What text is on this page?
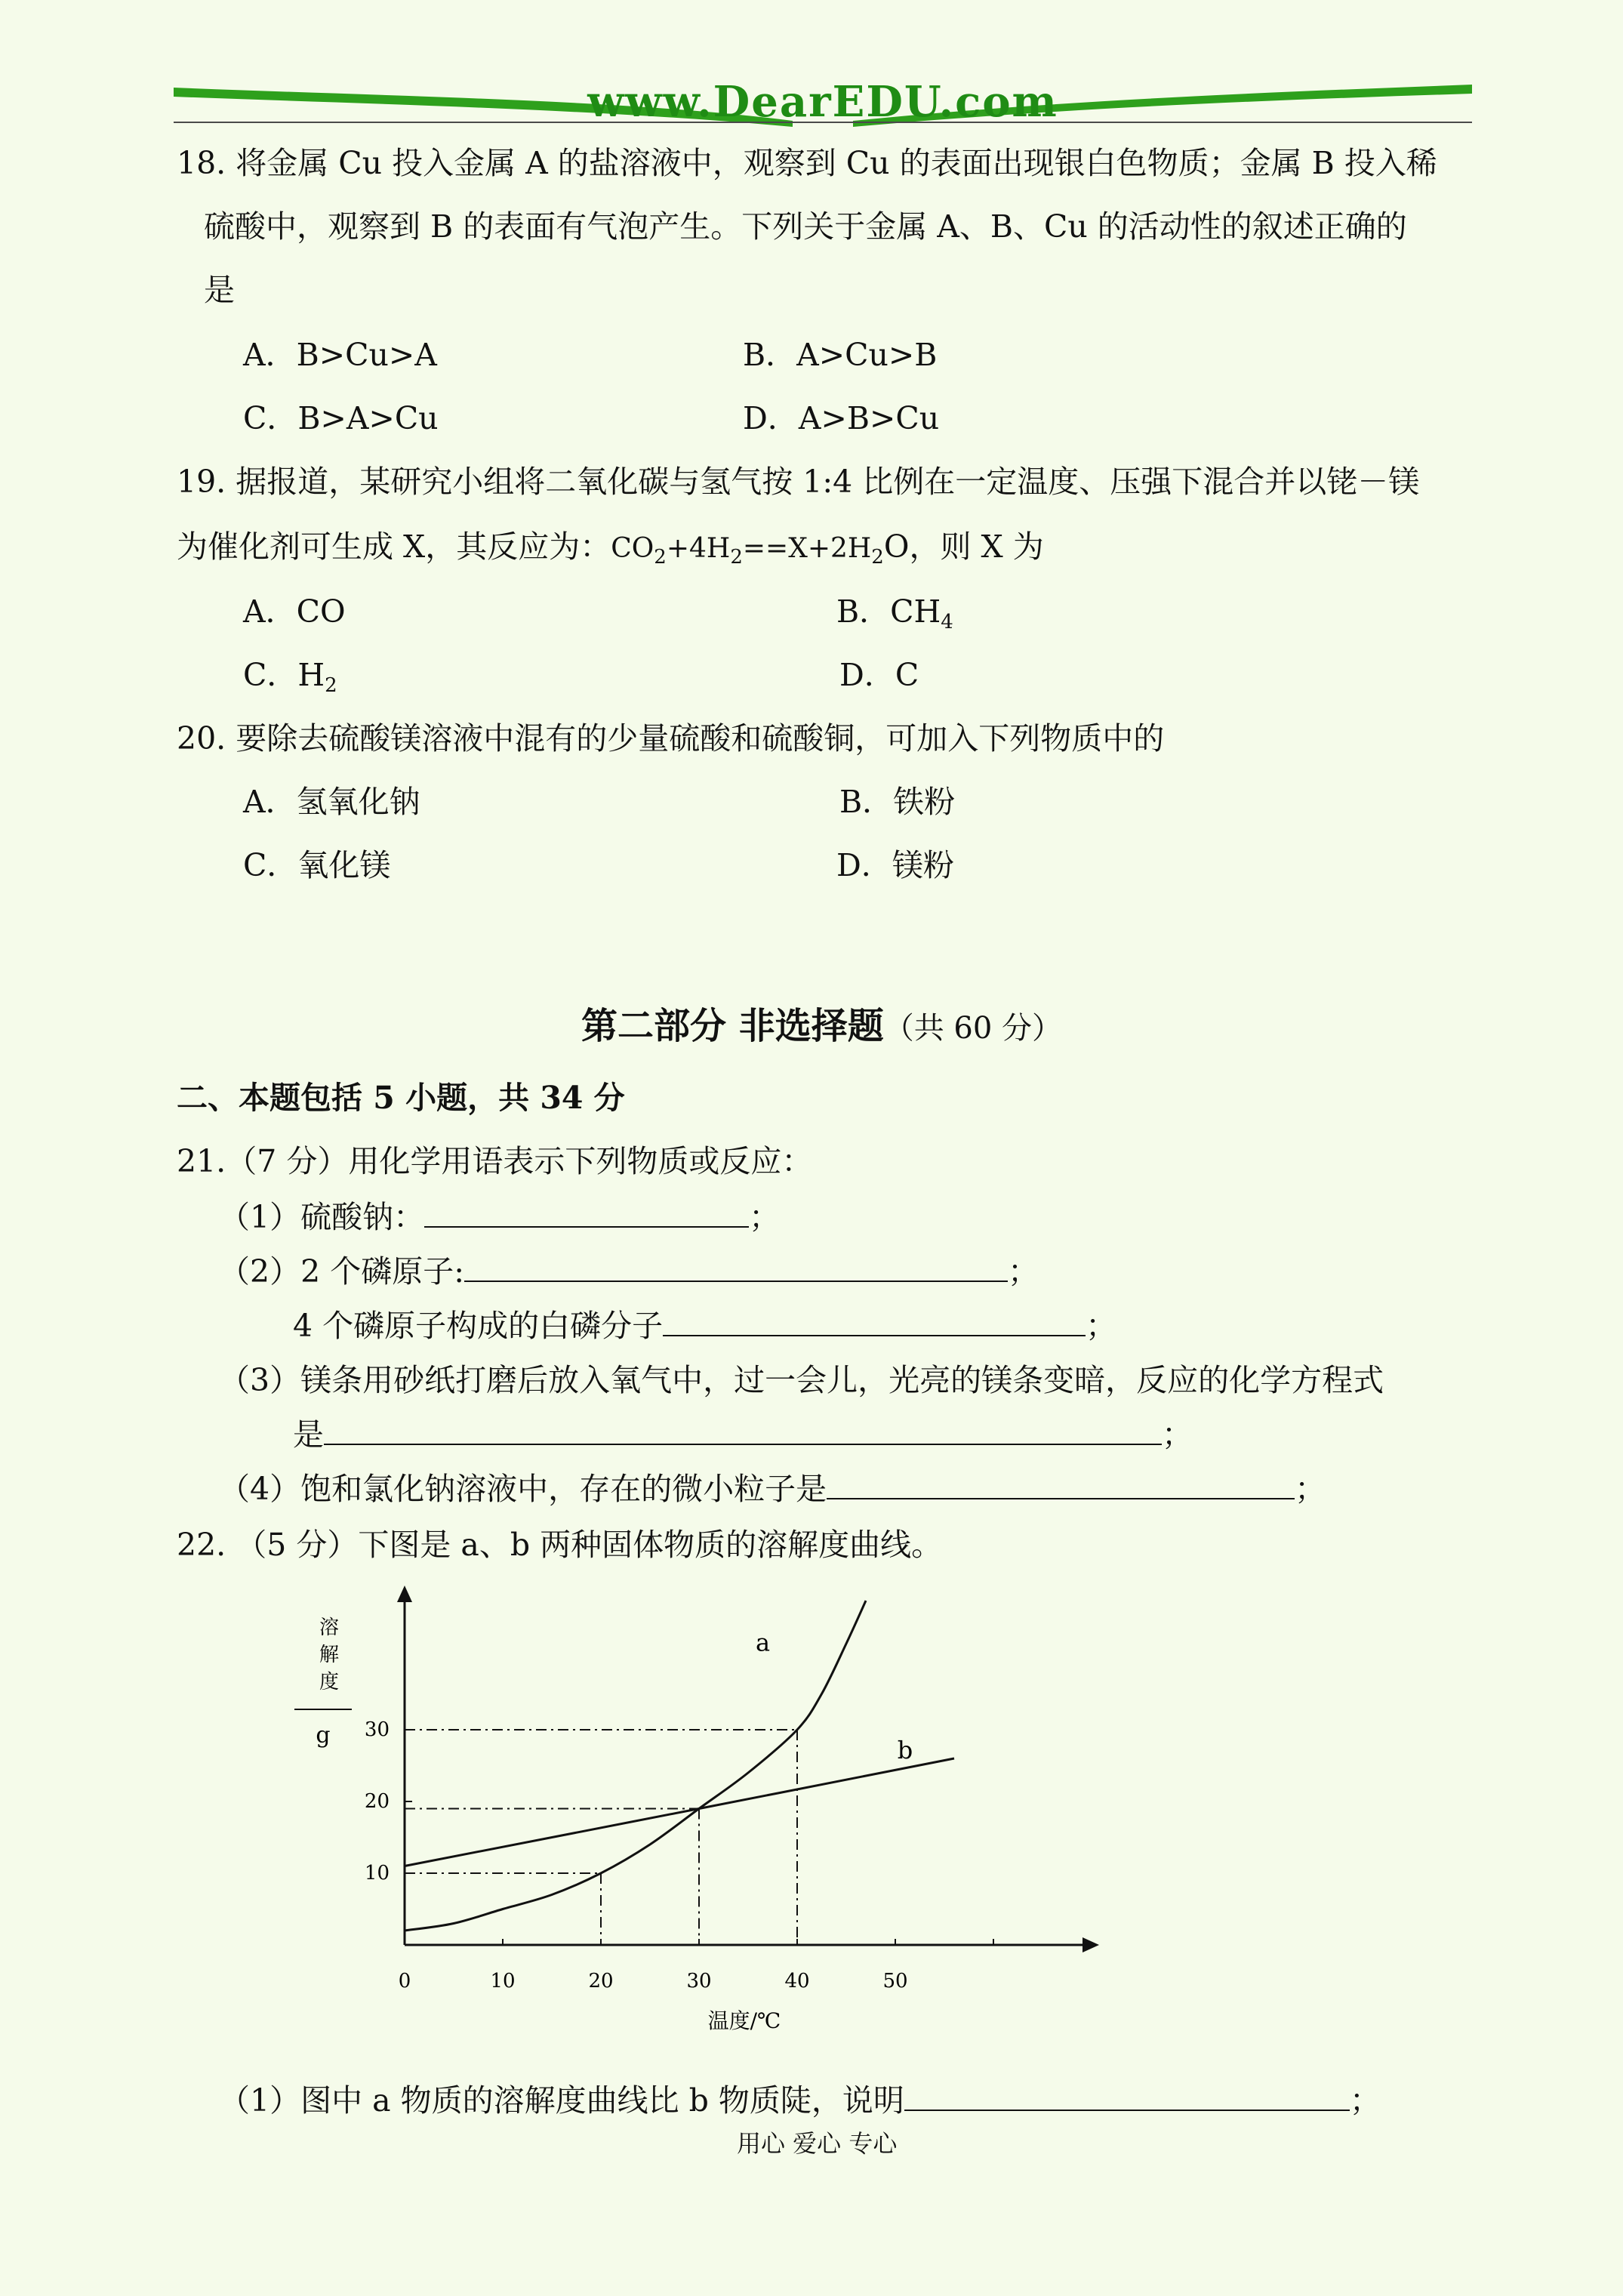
www.DearEDU.com
18. 将金属 Cu 投入金属 A 的盐溶液中，观察到 Cu 的表面出现银白色物质；金属 B 投入稀
硫酸中，观察到 B 的表面有气泡产生。下列关于金属 A、B、Cu 的活动性的叙述正确的
是
A．B>Cu>A	B．A>Cu>B
C．B>A>Cu	D．A>B>Cu
19. 据报道，某研究小组将二氧化碳与氢气按 1:4 比例在一定温度、压强下混合并以铑－镁
为催化剂可生成 X，其反应为：$CO_2+4H_2==X+2H_2O$，则 X 为
A．CO	B．$CH_4$
C．$H_2$	D．C
20. 要除去硫酸镁溶液中混有的少量硫酸和硫酸铜，可加入下列物质中的
A．氢氧化钠	B．铁粉
C．氧化镁	D．镁粉
第二部分 非选择题（共 60 分）
二、本题包括 5 小题，共 34 分
21.（7 分）用化学用语表示下列物质或反应：
（1）硫酸钠：	；
（2）2 个磷原子:	；
4 个磷原子构成的白磷分子	；
（3）镁条用砂纸打磨后放入氧气中，过一会儿，光亮的镁条变暗，反应的化学方程式
是	；
（4）饱和氯化钠溶液中，存在的微小粒子是	；
22. （5 分）下图是 a、b 两种固体物质的溶解度曲线。
溶
解
度
g
0	10	20	30	40	50
10
20
30
a
b
温度/℃
（1）图中 a 物质的溶解度曲线比 b 物质陡，说明	；
用心 爱心 专心
